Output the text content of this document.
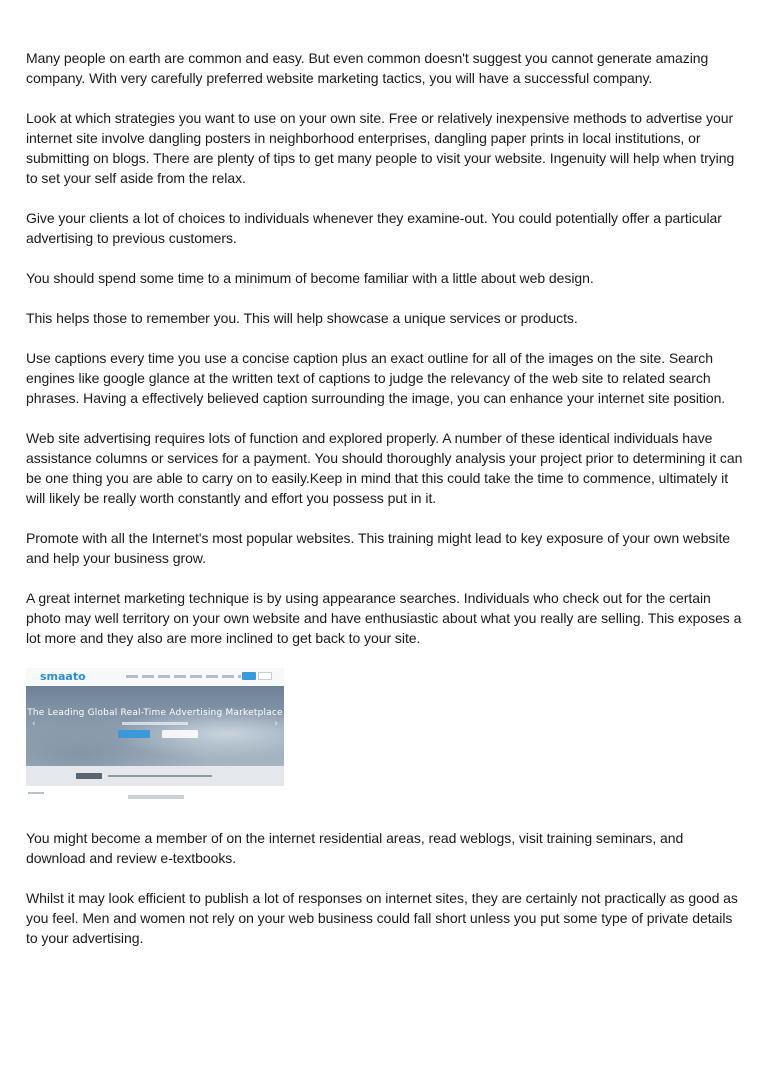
Many people on earth are common and easy. But even common doesn't suggest you cannot generate amazing company. With very carefully preferred website marketing tactics, you will have a successful company.

Look at which strategies you want to use on your own site. Free or relatively inexpensive methods to advertise your internet site involve dangling posters in neighborhood enterprises, dangling paper prints in local institutions, or submitting on blogs. There are plenty of tips to get many people to visit your website. Ingenuity will help when trying to set your self aside from the relax.

Give your clients a lot of choices to individuals whenever they examine-out. You could potentially offer a particular advertising to previous customers.

You should spend some time to a minimum of become familiar with a little about web design.

This helps those to remember you. This will help showcase a unique services or products.

Use captions every time you use a concise caption plus an exact outline for all of the images on the site. Search engines like google glance at the written text of captions to judge the relevancy of the web site to related search phrases. Having a effectively believed caption surrounding the image, you can enhance your internet site position.

Web site advertising requires lots of function and explored properly. A number of these identical individuals have assistance columns or services for a payment. You should thoroughly analysis your project prior to determining it can be one thing you are able to carry on to easily.Keep in mind that this could take the time to commence, ultimately it will likely be really worth constantly and effort you possess put in it.

Promote with all the Internet's most popular websites. This training might lead to key exposure of your own website and help your business grow.

A great internet marketing technique is by using appearance searches. Individuals who check out for the certain photo may well territory on your own website and have enthusiastic about what you really are selling. This exposes a lot more and they also are more inclined to get back to your site.

smaato
‹
The Leading Global Real-Time Advertising Marketplace
›

You might become a member of on the internet residential areas, read weblogs, visit training seminars, and download and review e-textbooks.

Whilst it may look efficient to publish a lot of responses on internet sites, they are certainly not practically as good as you feel. Men and women not rely on your web business could fall short unless you put some type of private details to your advertising.
